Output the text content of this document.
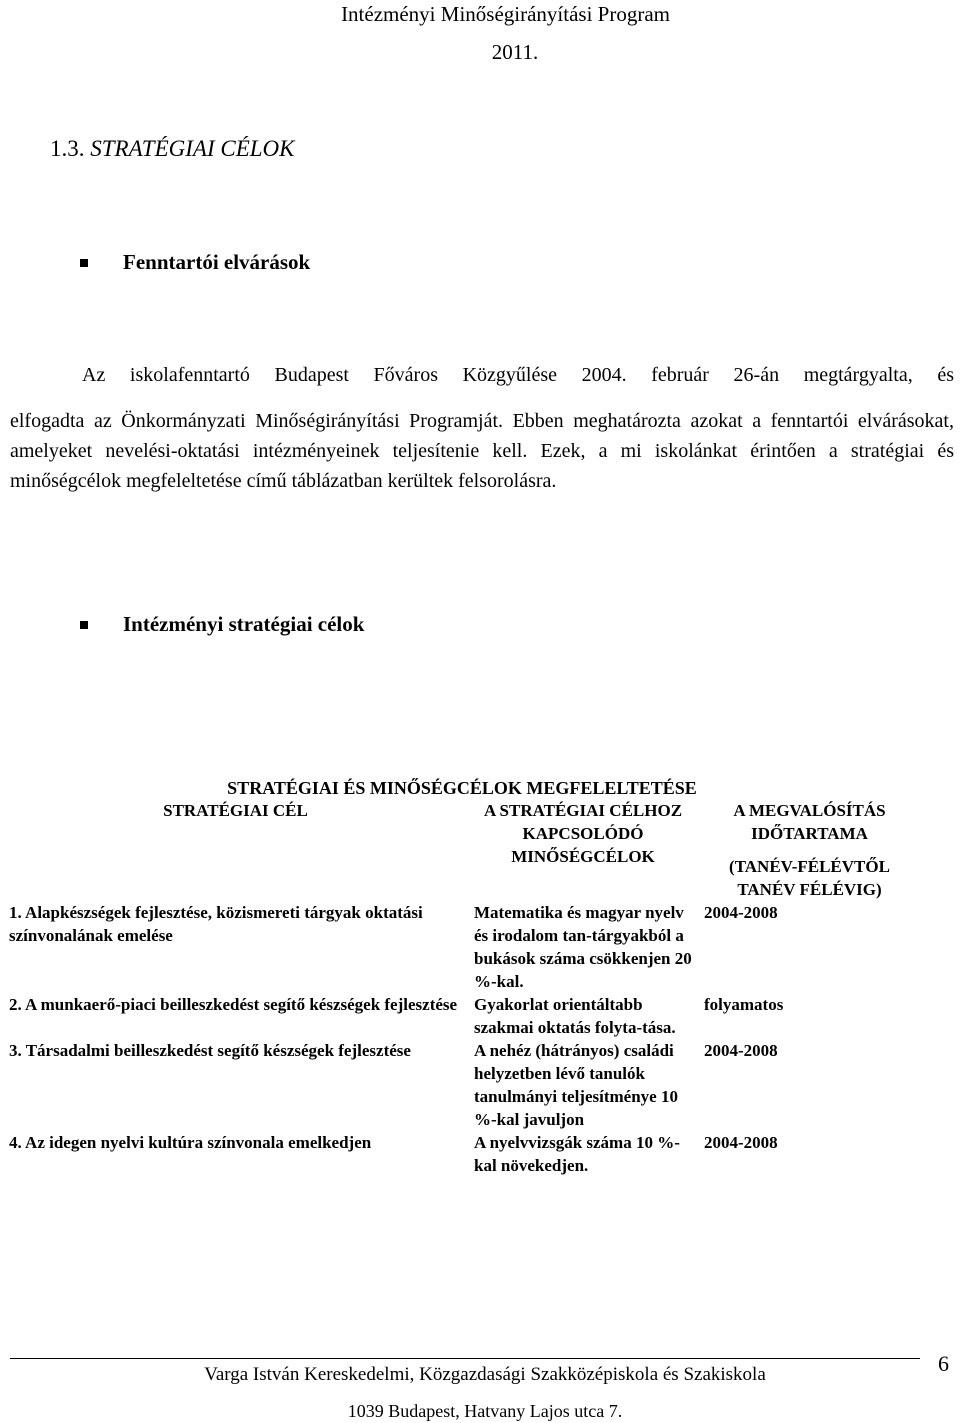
Intézményi Minőségirányítási Program
2011.
1.3. STRATÉGIAI CÉLOK
Fenntartói elvárások
Az iskolafenntartó Budapest Főváros Közgyűlése 2004. február 26-án megtárgyalta, és
elfogadta az Önkormányzati Minőségirányítási Programját. Ebben meghatározta azokat a fenntartói elvárásokat, amelyeket nevelési-oktatási intézményeinek teljesítenie kell. Ezek, a mi iskolánkat érintően a stratégiai és minőségcélok megfeleltetése című táblázatban kerültek felsorolásra.
Intézményi stratégiai célok
STRATÉGIAI ÉS MINŐSÉGCÉLOK MEGFELELTETÉSE		
STRATÉGIAI CÉL	A STRATÉGIAI CÉLHOZ KAPCSOLÓDÓ MINŐSÉGCÉLOK	A MEGVALÓSÍTÁS IDŐTARTAMA
(TANÉV-FÉLÉVTŐL TANÉV FÉLÉVIG)

1. Alapkészségek fejlesztése, közismereti tárgyak oktatási színvonalának emelése	Matematika és magyar nyelv és irodalom tan-tárgyakból a bukások száma csökkenjen 20 %-kal.	2004-2008
2. A munkaerő-piaci beilleszkedést segítő készségek fejlesztése	Gyakorlat orientáltabb szakmai oktatás folyta-tása.	folyamatos
3. Társadalmi beilleszkedést segítő készségek fejlesztése	A nehéz (hátrányos) családi helyzetben lévő tanulók tanulmányi teljesítménye 10 %-kal javuljon	2004-2008
4. Az idegen nyelvi kultúra színvonala emelkedjen	A nyelvvizsgák száma 10 %-kal növekedjen.	2004-2008
6
Varga István Kereskedelmi, Közgazdasági Szakközépiskola és Szakiskola
1039 Budapest, Hatvany Lajos utca 7.
